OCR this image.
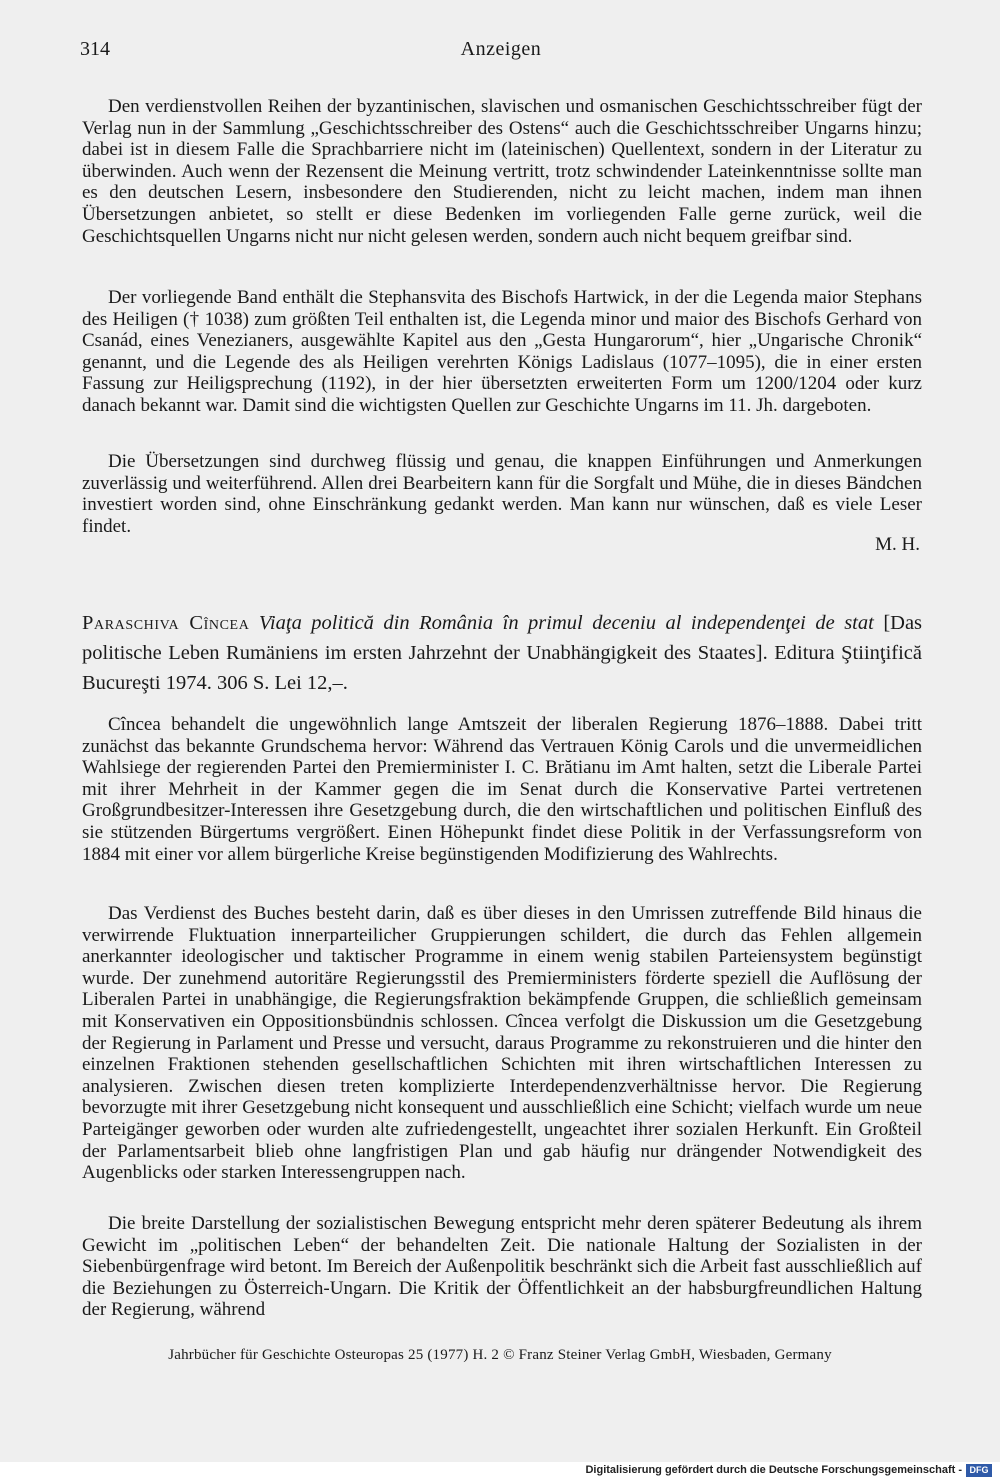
314	Anzeigen

Den verdienstvollen Reihen der byzantinischen, slavischen und osmanischen Geschichtsschreiber fügt der Verlag nun in der Sammlung „Geschichtsschreiber des Ostens“ auch die Geschichtsschreiber Ungarns hinzu; dabei ist in diesem Falle die Sprachbarriere nicht im (lateinischen) Quellentext, sondern in der Literatur zu überwinden. Auch wenn der Rezensent die Meinung vertritt, trotz schwindender Lateinkenntnisse sollte man es den deutschen Lesern, insbesondere den Studierenden, nicht zu leicht machen, indem man ihnen Übersetzungen anbietet, so stellt er diese Bedenken im vorliegenden Falle gerne zurück, weil die Geschichtsquellen Ungarns nicht nur nicht gelesen werden, sondern auch nicht bequem greifbar sind.

Der vorliegende Band enthält die Stephansvita des Bischofs Hartwick, in der die Legenda maior Stephans des Heiligen († 1038) zum größten Teil enthalten ist, die Legenda minor und maior des Bischofs Gerhard von Csanád, eines Venezianers, ausgewählte Kapitel aus den „Gesta Hungarorum“, hier „Ungarische Chronik“ genannt, und die Legende des als Heiligen verehrten Königs Ladislaus (1077–1095), die in einer ersten Fassung zur Heiligsprechung (1192), in der hier übersetzten erweiterten Form um 1200/1204 oder kurz danach bekannt war. Damit sind die wichtigsten Quellen zur Geschichte Ungarns im 11. Jh. dargeboten.

Die Übersetzungen sind durchweg flüssig und genau, die knappen Einführungen und Anmerkungen zuverlässig und weiterführend. Allen drei Bearbeitern kann für die Sorgfalt und Mühe, die in dieses Bändchen investiert worden sind, ohne Einschränkung gedankt werden. Man kann nur wünschen, daß es viele Leser findet.

M. H.

Paraschiva Cîncea Viaţa politică din România în primul deceniu al independenţei de stat [Das politische Leben Rumäniens im ersten Jahrzehnt der Unabhängigkeit des Staates]. Editura Ştiinţifică Bucureşti 1974. 306 S. Lei 12,–.

Cîncea behandelt die ungewöhnlich lange Amtszeit der liberalen Regierung 1876–1888. Dabei tritt zunächst das bekannte Grundschema hervor: Während das Vertrauen König Carols und die unvermeidlichen Wahlsiege der regierenden Partei den Premierminister I. C. Brătianu im Amt halten, setzt die Liberale Partei mit ihrer Mehrheit in der Kammer gegen die im Senat durch die Konservative Partei vertretenen Großgrundbesitzer-Interessen ihre Gesetzgebung durch, die den wirtschaftlichen und politischen Einfluß des sie stützenden Bürgertums vergrößert. Einen Höhepunkt findet diese Politik in der Verfassungsreform von 1884 mit einer vor allem bürgerliche Kreise begünstigenden Modifizierung des Wahlrechts.

Das Verdienst des Buches besteht darin, daß es über dieses in den Umrissen zutreffende Bild hinaus die verwirrende Fluktuation innerparteilicher Gruppierungen schildert, die durch das Fehlen allgemein anerkannter ideologischer und taktischer Programme in einem wenig stabilen Parteiensystem begünstigt wurde. Der zunehmend autoritäre Regierungsstil des Premierministers förderte speziell die Auflösung der Liberalen Partei in unabhängige, die Regierungsfraktion bekämpfende Gruppen, die schließlich gemeinsam mit Konservativen ein Oppositionsbündnis schlossen. Cîncea verfolgt die Diskussion um die Gesetzgebung der Regierung in Parlament und Presse und versucht, daraus Programme zu rekonstruieren und die hinter den einzelnen Fraktionen stehenden gesellschaftlichen Schichten mit ihren wirtschaftlichen Interessen zu analysieren. Zwischen diesen treten komplizierte Interdependenzverhältnisse hervor. Die Regierung bevorzugte mit ihrer Gesetzgebung nicht konsequent und ausschließlich eine Schicht; vielfach wurde um neue Parteigänger geworben oder wurden alte zufriedengestellt, ungeachtet ihrer sozialen Herkunft. Ein Großteil der Parlamentsarbeit blieb ohne langfristigen Plan und gab häufig nur drängender Notwendigkeit des Augenblicks oder starken Interessengruppen nach.

Die breite Darstellung der sozialistischen Bewegung entspricht mehr deren späterer Bedeutung als ihrem Gewicht im „politischen Leben“ der behandelten Zeit. Die nationale Haltung der Sozialisten in der Siebenbürgenfrage wird betont. Im Bereich der Außenpolitik beschränkt sich die Arbeit fast ausschließlich auf die Beziehungen zu Österreich-Ungarn. Die Kritik der Öffentlichkeit an der habsburgfreundlichen Haltung der Regierung, während

Jahrbücher für Geschichte Osteuropas 25 (1977) H. 2 © Franz Steiner Verlag GmbH, Wiesbaden, Germany
Digitalisierung gefördert durch die Deutsche Forschungsgemeinschaft - DFG
